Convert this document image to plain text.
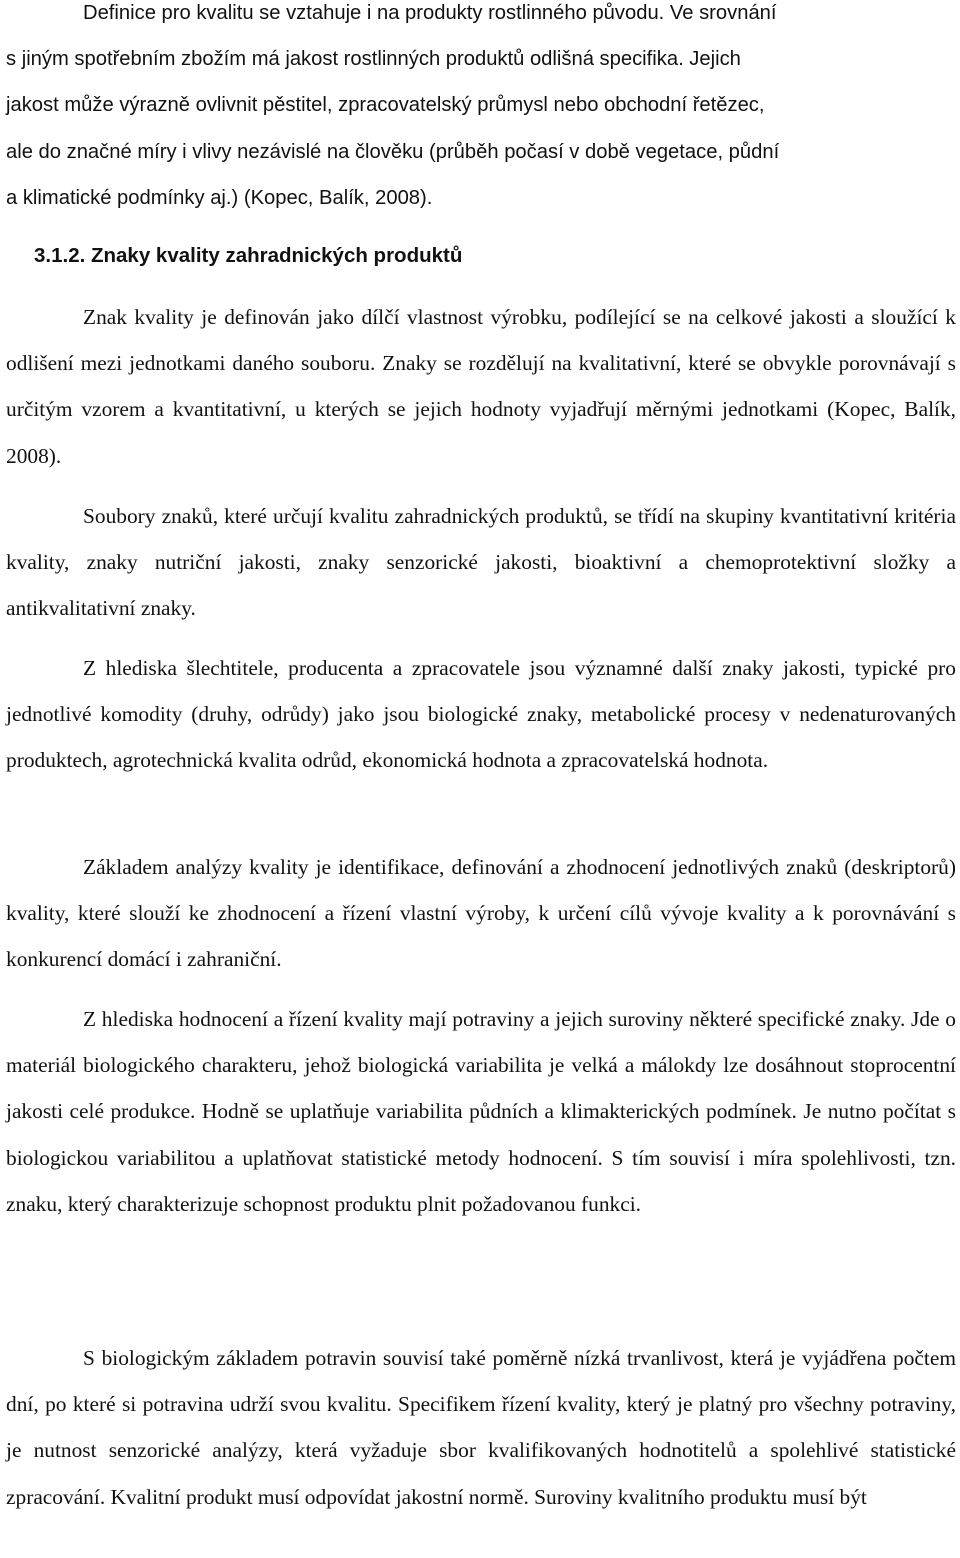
Definice pro kvalitu se vztahuje i na produkty rostlinného původu. Ve srovnání
s jiným spotřebním zbožím má jakost rostlinných produktů odlišná specifika. Jejich
jakost může výrazně ovlivnit pěstitel, zpracovatelský průmysl nebo obchodní řetězec,
ale do značné míry i vlivy nezávislé na člověku (průběh počasí v době vegetace, půdní
a klimatické podmínky aj.) (Kopec, Balík, 2008).

3.1.2. Znaky kvality zahradnických produktů

Znak kvality je definován jako dílčí vlastnost výrobku, podílející se na celkové jakosti a sloužící k odlišení mezi jednotkami daného souboru. Znaky se rozdělují na kvalitativní, které se obvykle porovnávají s určitým vzorem a kvantitativní, u kterých se jejich hodnoty vyjadřují měrnými jednotkami (Kopec, Balík, 2008).

Soubory znaků, které určují kvalitu zahradnických produktů, se třídí na skupiny kvantitativní kritéria kvality, znaky nutriční jakosti, znaky senzorické jakosti, bioaktivní a chemoprotektivní složky a antikvalitativní znaky.

Z hlediska šlechtitele, producenta a zpracovatele jsou významné další znaky jakosti, typické pro jednotlivé komodity (druhy, odrůdy) jako jsou biologické znaky, metabolické procesy v nedenaturovaných produktech, agrotechnická kvalita odrůd, ekonomická hodnota a zpracovatelská hodnota.

Základem analýzy kvality je identifikace, definování a zhodnocení jednotlivých znaků (deskriptorů) kvality, které slouží ke zhodnocení a řízení vlastní výroby, k určení cílů vývoje kvality a k porovnávání s konkurencí domácí i zahraniční.

Z hlediska hodnocení a řízení kvality mají potraviny a jejich suroviny některé specifické znaky. Jde o materiál biologického charakteru, jehož biologická variabilita je velká a málokdy lze dosáhnout stoprocentní jakosti celé produkce. Hodně se uplatňuje variabilita půdních a klimakterických podmínek. Je nutno počítat s biologickou variabilitou a uplatňovat statistické metody hodnocení. S tím souvisí i míra spolehlivosti, tzn. znaku, který charakterizuje schopnost produktu plnit požadovanou funkci.

S biologickým základem potravin souvisí také poměrně nízká trvanlivost, která je vyjádřena počtem dní, po které si potravina udrží svou kvalitu. Specifikem řízení kvality, který je platný pro všechny potraviny, je nutnost senzorické analýzy, která vyžaduje sbor kvalifikovaných hodnotitelů a spolehlivé statistické zpracování. Kvalitní produkt musí odpovídat jakostní normě. Suroviny kvalitního produktu musí být
